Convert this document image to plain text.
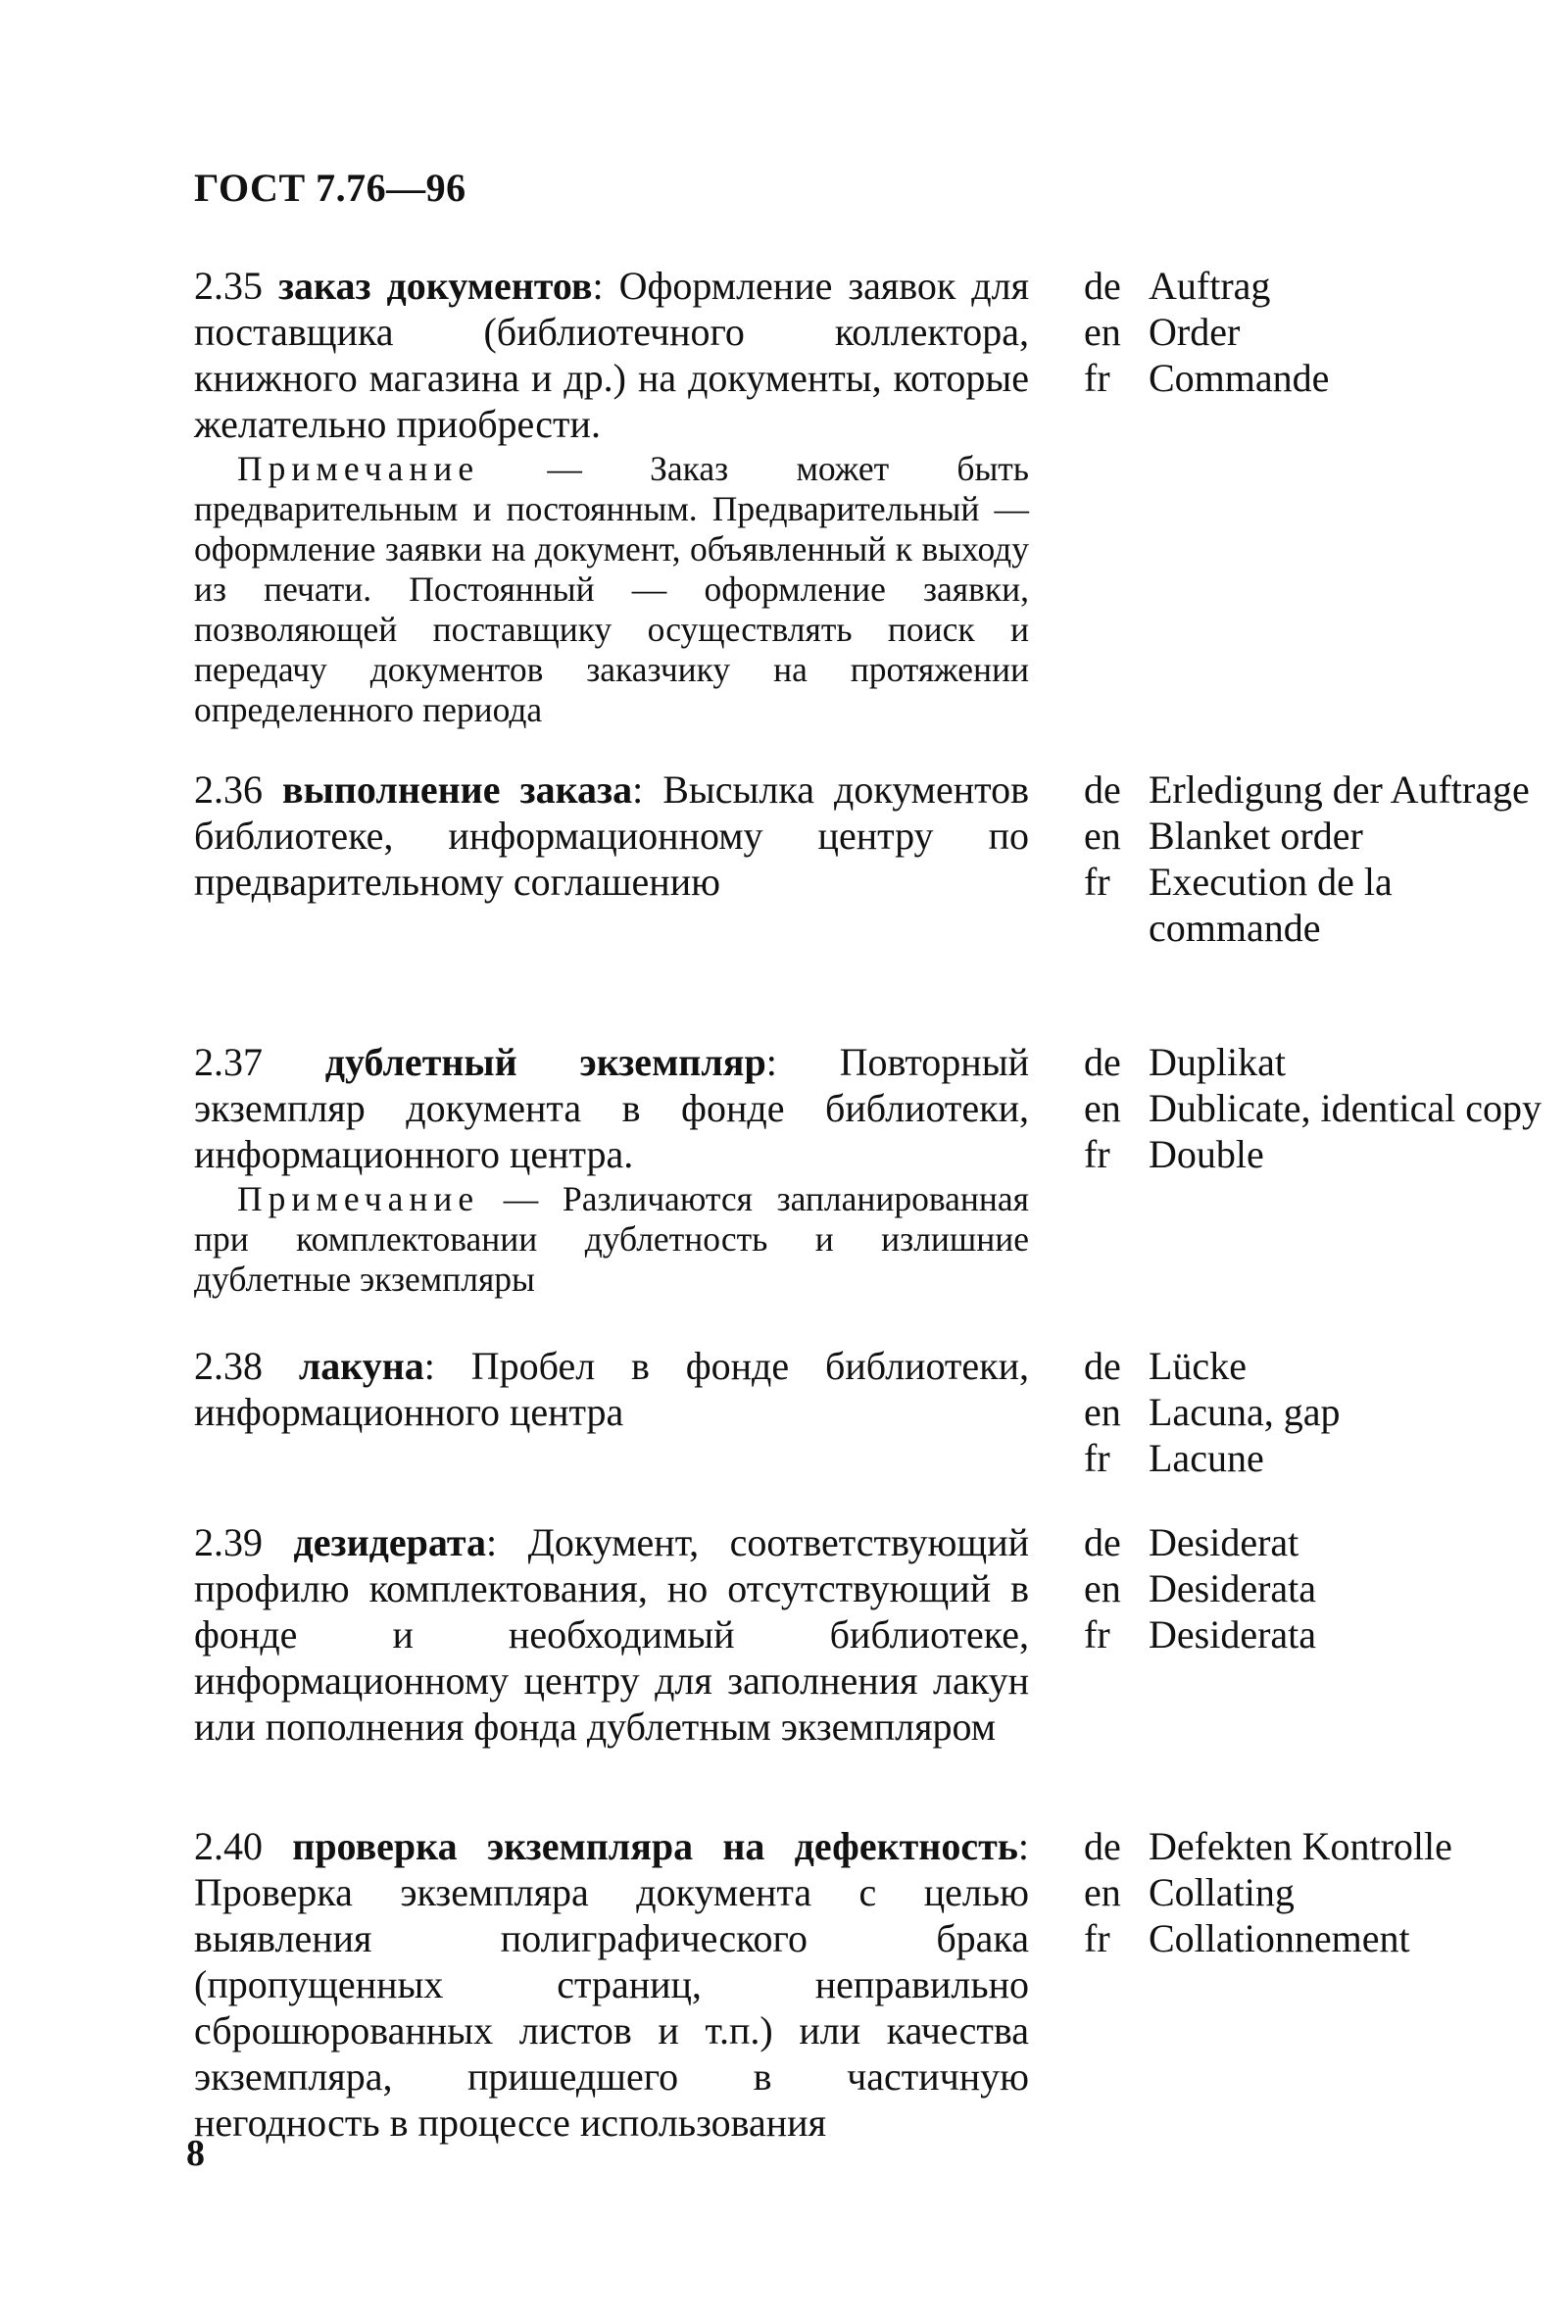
ГОСТ 7.76—96
2.35 заказ документов: Оформление заявок для поставщика (библиотечного коллектора, книжного магазина и др.) на документы, которые желательно приобрести.
Примечание — Заказ может быть предварительным и постоянным. Предварительный — оформление заявки на документ, объявленный к выходу из печати. Постоянный — оформление заявки, позволяющей поставщику осуществлять поиск и передачу документов заказчику на протяжении определенного периода
de Auftrag
en Order
fr Commande
2.36 выполнение заказа: Высылка документов библиотеке, информационному центру по предварительному соглашению
de Erledigung der Auftrage
en Blanket order
fr Execution de la commande
2.37 дублетный экземпляр: Повторный экземпляр документа в фонде библиотеки, информационного центра.
Примечание — Различаются запланированная при комплектовании дублетность и излишние дублетные экземпляры
de Duplikat
en Dublicate, identical copy
fr Double
2.38 лакуна: Пробел в фонде библиотеки, информационного центра
de Lücke
en Lacuna, gap
fr Lacune
2.39 дезидерата: Документ, соответствующий профилю комплектования, но отсутствующий в фонде и необходимый библиотеке, информационному центру для заполнения лакун или пополнения фонда дублетным экземпляром
de Desiderat
en Desiderata
fr Desiderata
2.40 проверка экземпляра на дефектность: Проверка экземпляра документа с целью выявления полиграфического брака (пропущенных страниц, неправильно сброшюрованных листов и т.п.) или качества экземпляра, пришедшего в частичную негодность в процессе использования
de Defekten Kontrolle
en Collating
fr Collationnement
8
